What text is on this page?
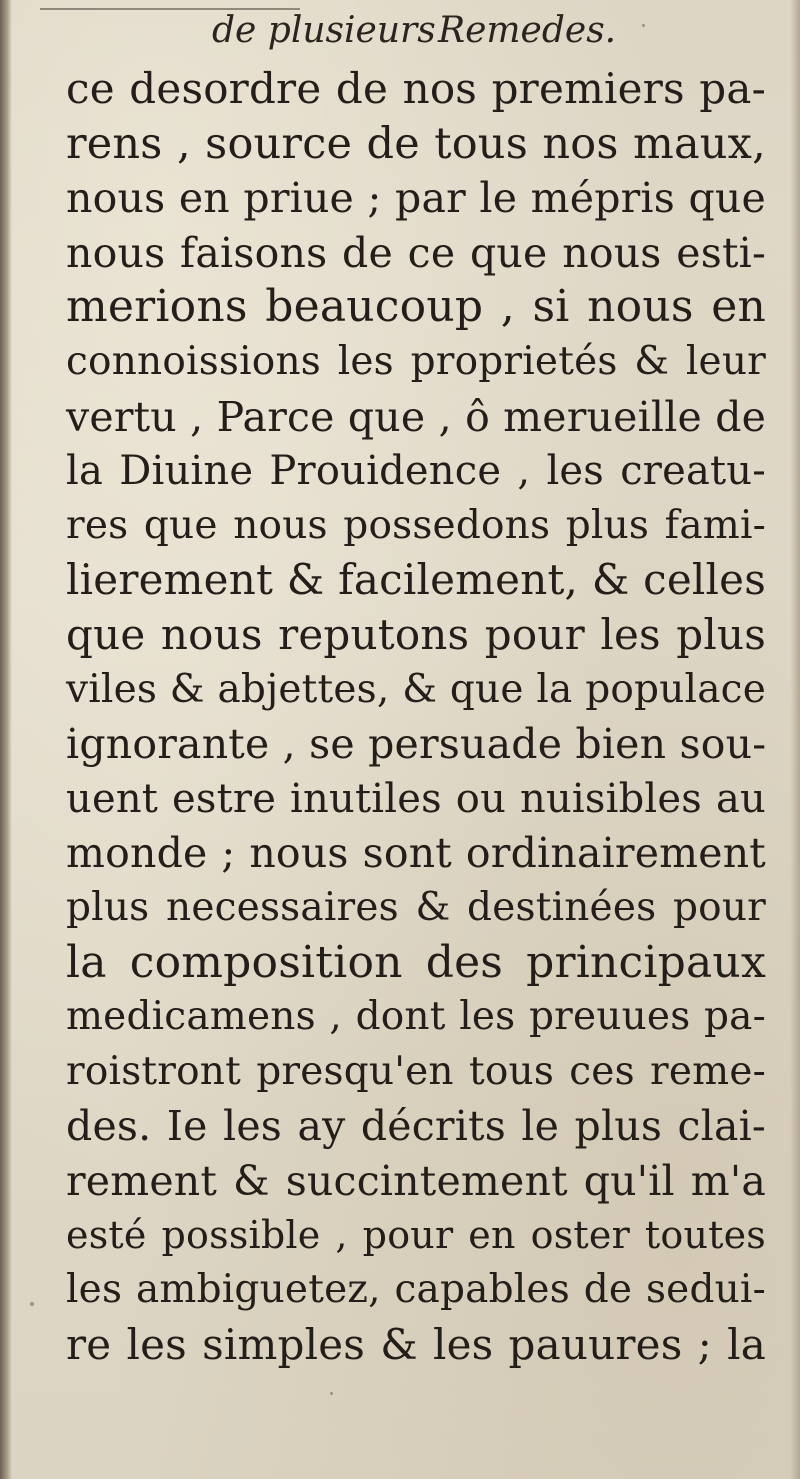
de plusieurs Remedes.
ce desordre de nos premiers pa-
rens , source de tous nos maux,
nous en priue ; par le mépris que
nous faisons de ce que nous esti-
merions beaucoup , si nous en
connoissions les proprietés & leur
vertu , Parce que , ô merueille de
la Diuine Prouidence , les creatu-
res que nous possedons plus fami-
lierement & facilement, & celles
que nous reputons pour les plus
viles & abjettes, & que la populace
ignorante , se persuade bien sou-
uent estre inutiles ou nuisibles au
monde ; nous sont ordinairement
plus necessaires & destinées pour
la composition des principaux
medicamens , dont les preuues pa-
roistront presqu'en tous ces reme-
des. Ie les ay décrits le plus clai-
rement & succintement qu'il m'a
esté possible , pour en oster toutes
les ambiguetez, capables de sedui-
re les simples & les pauures ; la
